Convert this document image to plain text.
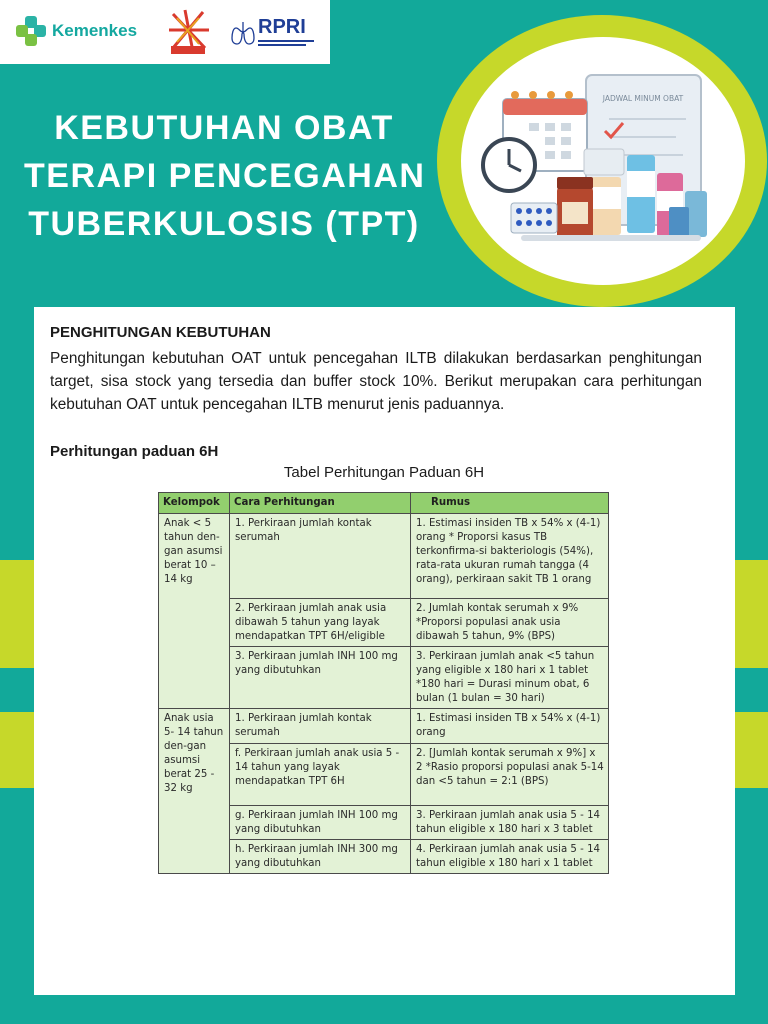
Kemenkes	RPRI
KEBUTUHAN OBAT
TERAPI PENCEGAHAN
TUBERKULOSIS (TPT)
JADWAL MINUM OBAT
PENGHITUNGAN KEBUTUHAN
Penghitungan kebutuhan OAT untuk pencegahan ILTB dilakukan berdasarkan penghitungan target, sisa stock yang tersedia dan buffer stock 10%. Berikut merupakan cara perhitungan kebutuhan OAT untuk pencegahan ILTB menurut jenis paduannya.
Perhitungan paduan 6H
Tabel Perhitungan Paduan 6H
Kelompok	Cara Perhitungan	Rumus
Anak < 5 tahun den-gan asumsi berat 10 – 14 kg	1. Perkiraan jumlah kontak serumah	1. Estimasi insiden TB x 54% x (4-1) orang * Proporsi kasus TB terkonfirma-si bakteriologis (54%), rata-rata ukuran rumah tangga (4 orang), perkiraan sakit TB 1 orang
	2. Perkiraan jumlah anak usia dibawah 5 tahun yang layak mendapatkan TPT 6H/eligible	2. Jumlah kontak serumah x 9% *Proporsi populasi anak usia dibawah 5 tahun, 9% (BPS)
	3. Perkiraan jumlah INH 100 mg yang dibutuhkan	3. Perkiraan jumlah anak <5 tahun yang eligible x 180 hari x 1 tablet *180 hari = Durasi minum obat, 6 bulan (1 bulan = 30 hari)
Anak usia 5- 14 tahun den-gan asumsi berat 25 - 32 kg	1. Perkiraan jumlah kontak serumah	1. Estimasi insiden TB x 54% x (4-1) orang
	f. Perkiraan jumlah anak usia 5 - 14 tahun yang layak mendapatkan TPT 6H	2. [Jumlah kontak serumah x 9%] x 2 *Rasio proporsi populasi anak 5-14 dan <5 tahun = 2:1 (BPS)
	g. Perkiraan jumlah INH 100 mg yang dibutuhkan	3. Perkiraan jumlah anak usia 5 - 14 tahun eligible x 180 hari x 3 tablet
	h. Perkiraan jumlah INH 300 mg yang dibutuhkan	4. Perkiraan jumlah anak usia 5 - 14 tahun eligible x 180 hari x 1 tablet
